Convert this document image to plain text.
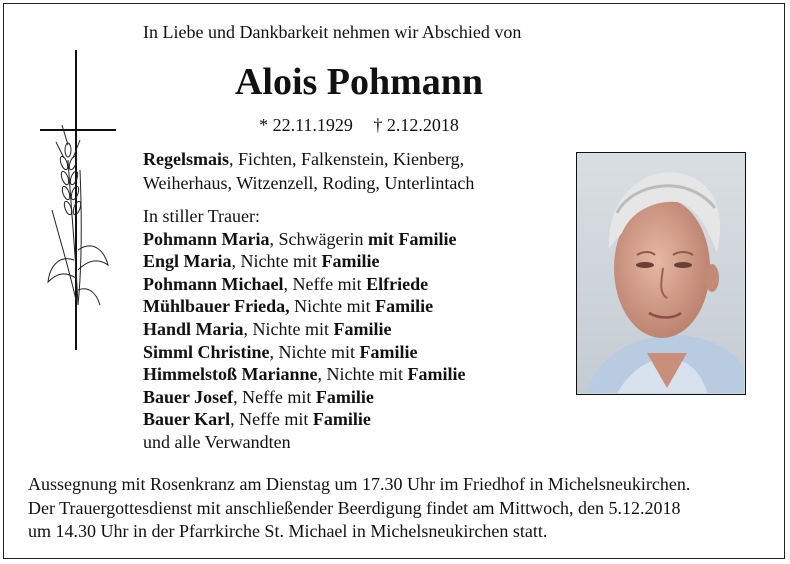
In Liebe und Dankbarkeit nehmen wir Abschied von
Alois Pohmann
* 22.11.1929 † 2.12.2018
Regelsmais, Fichten, Falkenstein, Kienberg,
Weiherhaus, Witzenzell, Roding, Unterlintach
In stiller Trauer:
Pohmann Maria, Schwägerin mit Familie
Engl Maria, Nichte mit Familie
Pohmann Michael, Neffe mit Elfriede
Mühlbauer Frieda, Nichte mit Familie
Handl Maria, Nichte mit Familie
Simml Christine, Nichte mit Familie
Himmelstoß Marianne, Nichte mit Familie
Bauer Josef, Neffe mit Familie
Bauer Karl, Neffe mit Familie
und alle Verwandten
Aussegnung mit Rosenkranz am Dienstag um 17.30 Uhr im Friedhof in Michelsneukirchen.
Der Trauergottesdienst mit anschließender Beerdigung findet am Mittwoch, den 5.12.2018
um 14.30 Uhr in der Pfarrkirche St. Michael in Michelsneukirchen statt.
